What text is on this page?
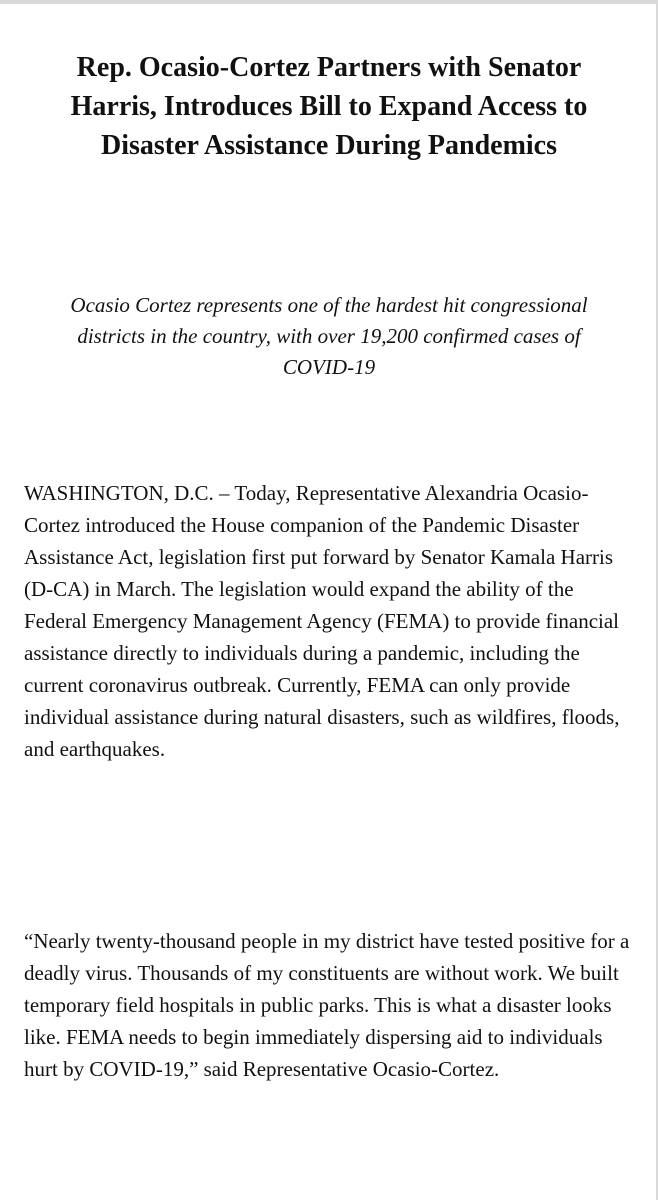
Rep. Ocasio-Cortez Partners with Senator Harris, Introduces Bill to Expand Access to Disaster Assistance During Pandemics

Ocasio Cortez represents one of the hardest hit congressional districts in the country, with over 19,200 confirmed cases of COVID-19

WASHINGTON, D.C. – Today, Representative Alexandria Ocasio-Cortez introduced the House companion of the Pandemic Disaster Assistance Act, legislation first put forward by Senator Kamala Harris (D-CA) in March. The legislation would expand the ability of the Federal Emergency Management Agency (FEMA) to provide financial assistance directly to individuals during a pandemic, including the current coronavirus outbreak. Currently, FEMA can only provide individual assistance during natural disasters, such as wildfires, floods, and earthquakes.

“Nearly twenty-thousand people in my district have tested positive for a deadly virus. Thousands of my constituents are without work. We built temporary field hospitals in public parks. This is what a disaster looks like. FEMA needs to begin immediately dispersing aid to individuals hurt by COVID-19,” said Representative Ocasio-Cortez.
